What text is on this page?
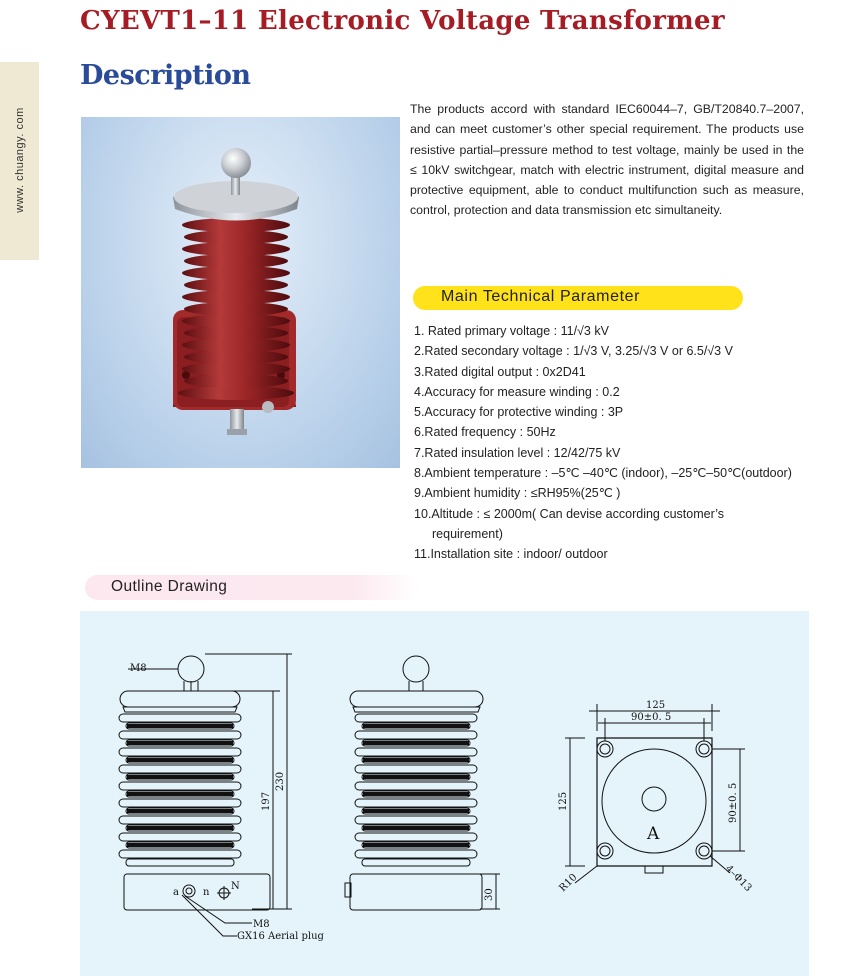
www. chuangy. com
CYEVT1–11 Electronic Voltage Transformer
Description
The products accord with standard IEC60044–7, GB/T20840.7–2007, and can meet customer’s other special requirement. The products use resistive partial–pressure method to test voltage, mainly be used in the ≤ 10kV switchgear, match with electric instrument, digital measure and protective equipment, able to conduct multifunction such as measure, control, protection and data transmission etc simultaneity.
Main Technical Parameter
1. Rated primary voltage : 11/√3 kV
2.Rated secondary voltage : 1/√3 V, 3.25/√3 V or 6.5/√3 V
3.Rated digital output : 0x2D41
4.Accuracy for measure winding : 0.2
5.Accuracy for protective winding : 3P
6.Rated frequency : 50Hz
7.Rated insulation level : 12/42/75 kV
8.Ambient temperature : –5℃ –40℃ (indoor), –25℃–50℃(outdoor)
9.Ambient humidity : ≤RH95%(25℃ )
10.Altitude : ≤ 2000m( Can devise according customer’s
requirement)
11.Installation site : indoor/ outdoor
Outline Drawing
M8
230
197
a n
N
M8
GX16 Aerial plug
30
125
90±0. 5
125	90±0. 5
A
R10	4–Φ13
